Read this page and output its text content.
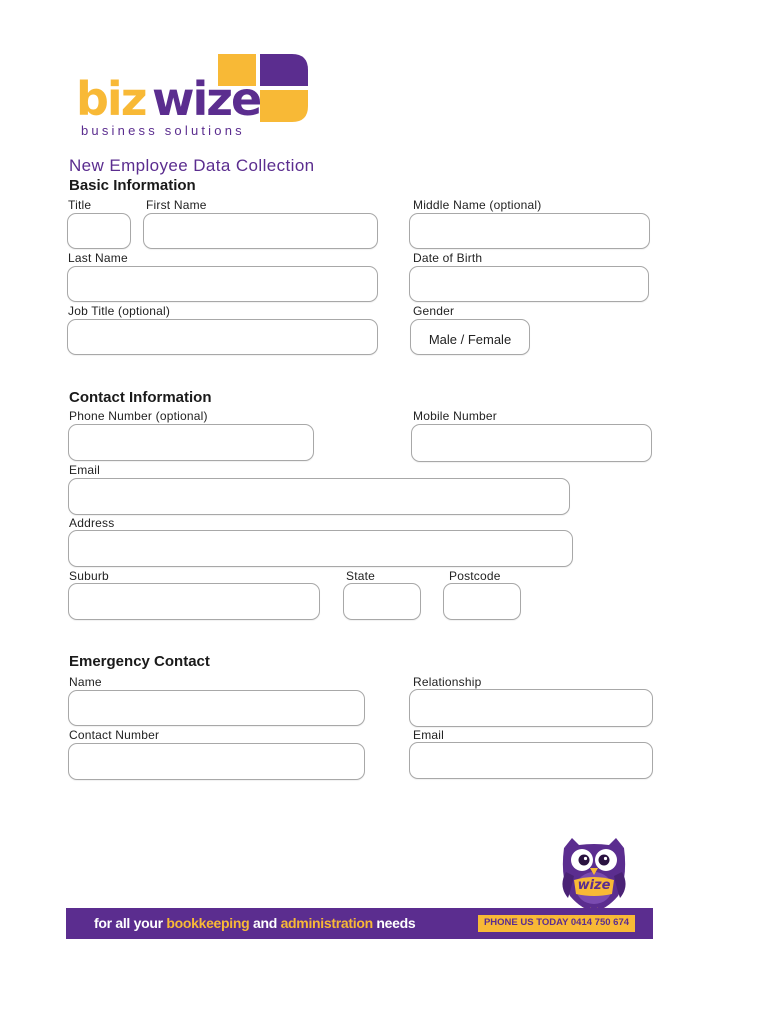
biz wize
business solutions
New Employee Data Collection
Basic Information
Title	First Name	Middle Name (optional)
Last Name	Date of Birth
Job Title (optional)	Gender
Male / Female
Contact Information
Phone Number (optional)	Mobile Number
Email
Address
Suburb	State	Postcode
Emergency Contact
Name	Relationship
Contact Number	Email
wize
for all your bookkeeping and administration needs	PHONE US TODAY 0414 750 674
